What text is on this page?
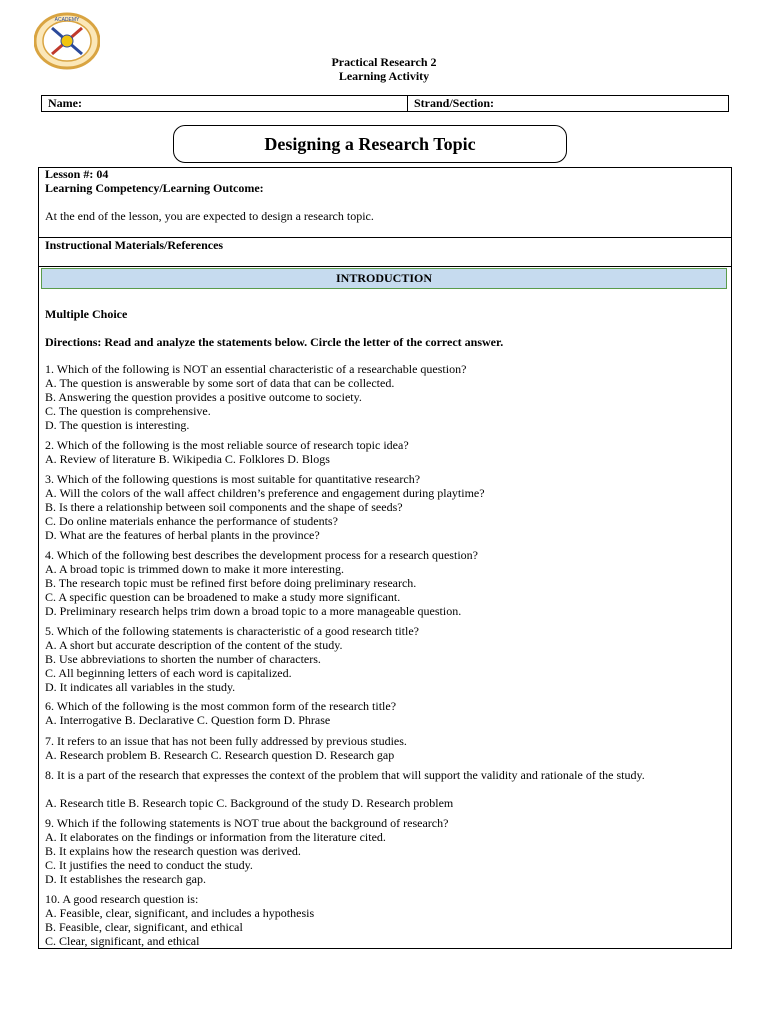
ACADEMY
Practical Research 2
Learning Activity
Name:	Strand/Section:
Designing a Research Topic
Lesson #: 04
Learning Competency/Learning Outcome:
At the end of the lesson, you are expected to design a research topic.
Instructional Materials/References
INTRODUCTION
Multiple Choice
Directions: Read and analyze the statements below. Circle the letter of the correct answer.
1. Which of the following is NOT an essential characteristic of a researchable question?
A. The question is answerable by some sort of data that can be collected.
B. Answering the question provides a positive outcome to society.
C. The question is comprehensive.
D. The question is interesting.
2. Which of the following is the most reliable source of research topic idea?
A. Review of literature B. Wikipedia C. Folklores D. Blogs
3. Which of the following questions is most suitable for quantitative research?
A. Will the colors of the wall affect children’s preference and engagement during playtime?
B. Is there a relationship between soil components and the shape of seeds?
C. Do online materials enhance the performance of students?
D. What are the features of herbal plants in the province?
4. Which of the following best describes the development process for a research question?
A. A broad topic is trimmed down to make it more interesting.
B. The research topic must be refined first before doing preliminary research.
C. A specific question can be broadened to make a study more significant.
D. Preliminary research helps trim down a broad topic to a more manageable question.
5. Which of the following statements is characteristic of a good research title?
A. A short but accurate description of the content of the study.
B. Use abbreviations to shorten the number of characters.
C. All beginning letters of each word is capitalized.
D. It indicates all variables in the study.
6. Which of the following is the most common form of the research title?
A. Interrogative B. Declarative C. Question form D. Phrase
7. It refers to an issue that has not been fully addressed by previous studies.
A. Research problem B. Research C. Research question D. Research gap
8. It is a part of the research that expresses the context of the problem that will support the validity and rationale of the study.
A. Research title B. Research topic C. Background of the study D. Research problem
9. Which if the following statements is NOT true about the background of research?
A. It elaborates on the findings or information from the literature cited.
B. It explains how the research question was derived.
C. It justifies the need to conduct the study.
D. It establishes the research gap.
10. A good research question is:
A. Feasible, clear, significant, and includes a hypothesis
B. Feasible, clear, significant, and ethical
C. Clear, significant, and ethical
